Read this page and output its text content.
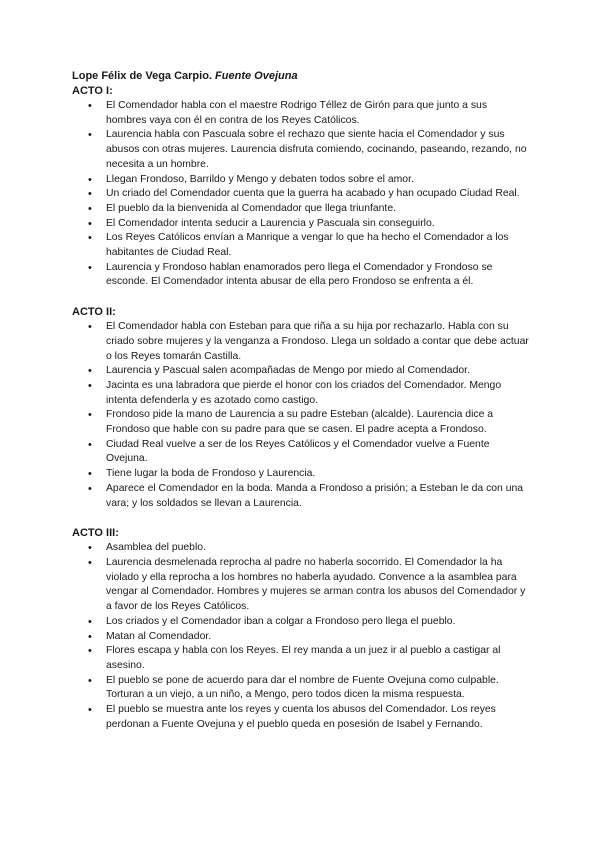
Lope Félix de Vega Carpio. Fuente Ovejuna

ACTO I:

• El Comendador habla con el maestre Rodrigo Téllez de Girón para que junto a sus hombres vaya con él en contra de los Reyes Católicos.
• Laurencia habla con Pascuala sobre el rechazo que siente hacia el Comendador y sus abusos con otras mujeres. Laurencia disfruta comiendo, cocinando, paseando, rezando, no necesita a un hombre.
• Llegan Frondoso, Barrildo y Mengo y debaten todos sobre el amor.
• Un criado del Comendador cuenta que la guerra ha acabado y han ocupado Ciudad Real.
• El pueblo da la bienvenida al Comendador que llega triunfante.
• El Comendador intenta seducir a Laurencia y Pascuala sin conseguirlo.
• Los Reyes Católicos envían a Manrique a vengar lo que ha hecho el Comendador a los habitantes de Ciudad Real.
• Laurencia y Frondoso hablan enamorados pero llega el Comendador y Frondoso se esconde. El Comendador intenta abusar de ella pero Frondoso se enfrenta a él.

ACTO II:

• El Comendador habla con Esteban para que riña a su hija por rechazarlo. Habla con su criado sobre mujeres y la venganza a Frondoso. Llega un soldado a contar que debe actuar o los Reyes tomarán Castilla.
• Laurencia y Pascual salen acompañadas de Mengo por miedo al Comendador.
• Jacinta es una labradora que pierde el honor con los criados del Comendador. Mengo intenta defenderla y es azotado como castigo.
• Frondoso pide la mano de Laurencia a su padre Esteban (alcalde). Laurencia dice a Frondoso que hable con su padre para que se casen. El padre acepta a Frondoso.
• Ciudad Real vuelve a ser de los Reyes Católicos y el Comendador vuelve a Fuente Ovejuna.
• Tiene lugar la boda de Frondoso y Laurencia.
• Aparece el Comendador en la boda. Manda a Frondoso a prisión; a Esteban le da con una vara; y los soldados se llevan a Laurencia.

ACTO III:

• Asamblea del pueblo.
• Laurencia desmelenada reprocha al padre no haberla socorrido. El Comendador la ha violado y ella reprocha a los hombres no haberla ayudado. Convence a la asamblea para vengar al Comendador. Hombres y mujeres se arman contra los abusos del Comendador y a favor de los Reyes Católicos.
• Los criados y el Comendador iban a colgar a Frondoso pero llega el pueblo.
• Matan al Comendador.
• Flores escapa y habla con los Reyes. El rey manda a un juez ir al pueblo a castigar al asesino.
• El pueblo se pone de acuerdo para dar el nombre de Fuente Ovejuna como culpable. Torturan a un viejo, a un niño, a Mengo, pero todos dicen la misma respuesta.
• El pueblo se muestra ante los reyes y cuenta los abusos del Comendador. Los reyes perdonan a Fuente Ovejuna y el pueblo queda en posesión de Isabel y Fernando.
